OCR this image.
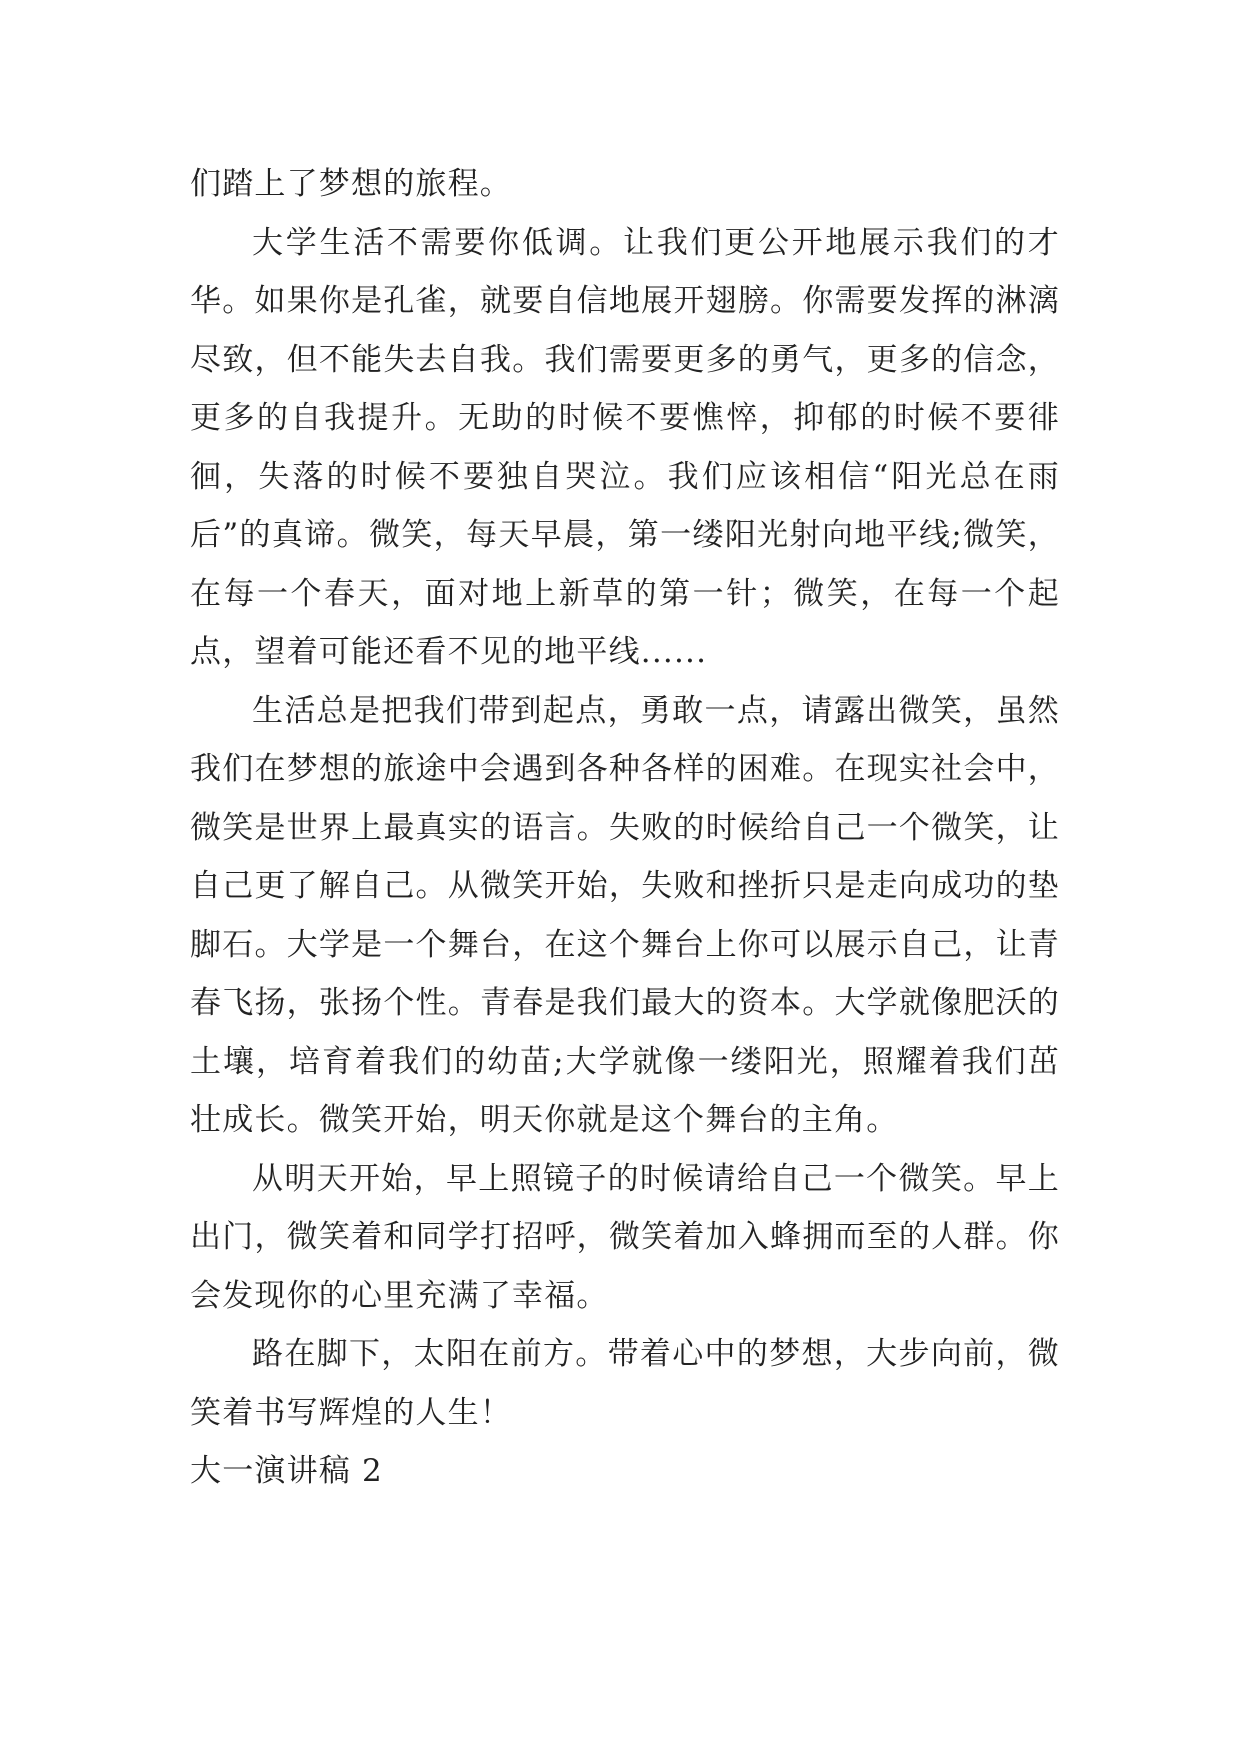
们踏上了梦想的旅程。

大学生活不需要你低调。让我们更公开地展示我们的才华。如果你是孔雀，就要自信地展开翅膀。你需要发挥的淋漓尽致，但不能失去自我。我们需要更多的勇气，更多的信念，更多的自我提升。无助的时候不要憔悴，抑郁的时候不要徘徊，失落的时候不要独自哭泣。我们应该相信“阳光总在雨后”的真谛。微笑，每天早晨，第一缕阳光射向地平线;微笑，在每一个春天，面对地上新草的第一针；微笑，在每一个起点，望着可能还看不见的地平线......

生活总是把我们带到起点，勇敢一点，请露出微笑，虽然我们在梦想的旅途中会遇到各种各样的困难。在现实社会中，微笑是世界上最真实的语言。失败的时候给自己一个微笑，让自己更了解自己。从微笑开始，失败和挫折只是走向成功的垫脚石。大学是一个舞台，在这个舞台上你可以展示自己，让青春飞扬，张扬个性。青春是我们最大的资本。大学就像肥沃的土壤，培育着我们的幼苗;大学就像一缕阳光，照耀着我们茁壮成长。微笑开始，明天你就是这个舞台的主角。

从明天开始，早上照镜子的时候请给自己一个微笑。早上出门，微笑着和同学打招呼，微笑着加入蜂拥而至的人群。你会发现你的心里充满了幸福。

路在脚下，太阳在前方。带着心中的梦想，大步向前，微笑着书写辉煌的人生！

大一演讲稿 2
